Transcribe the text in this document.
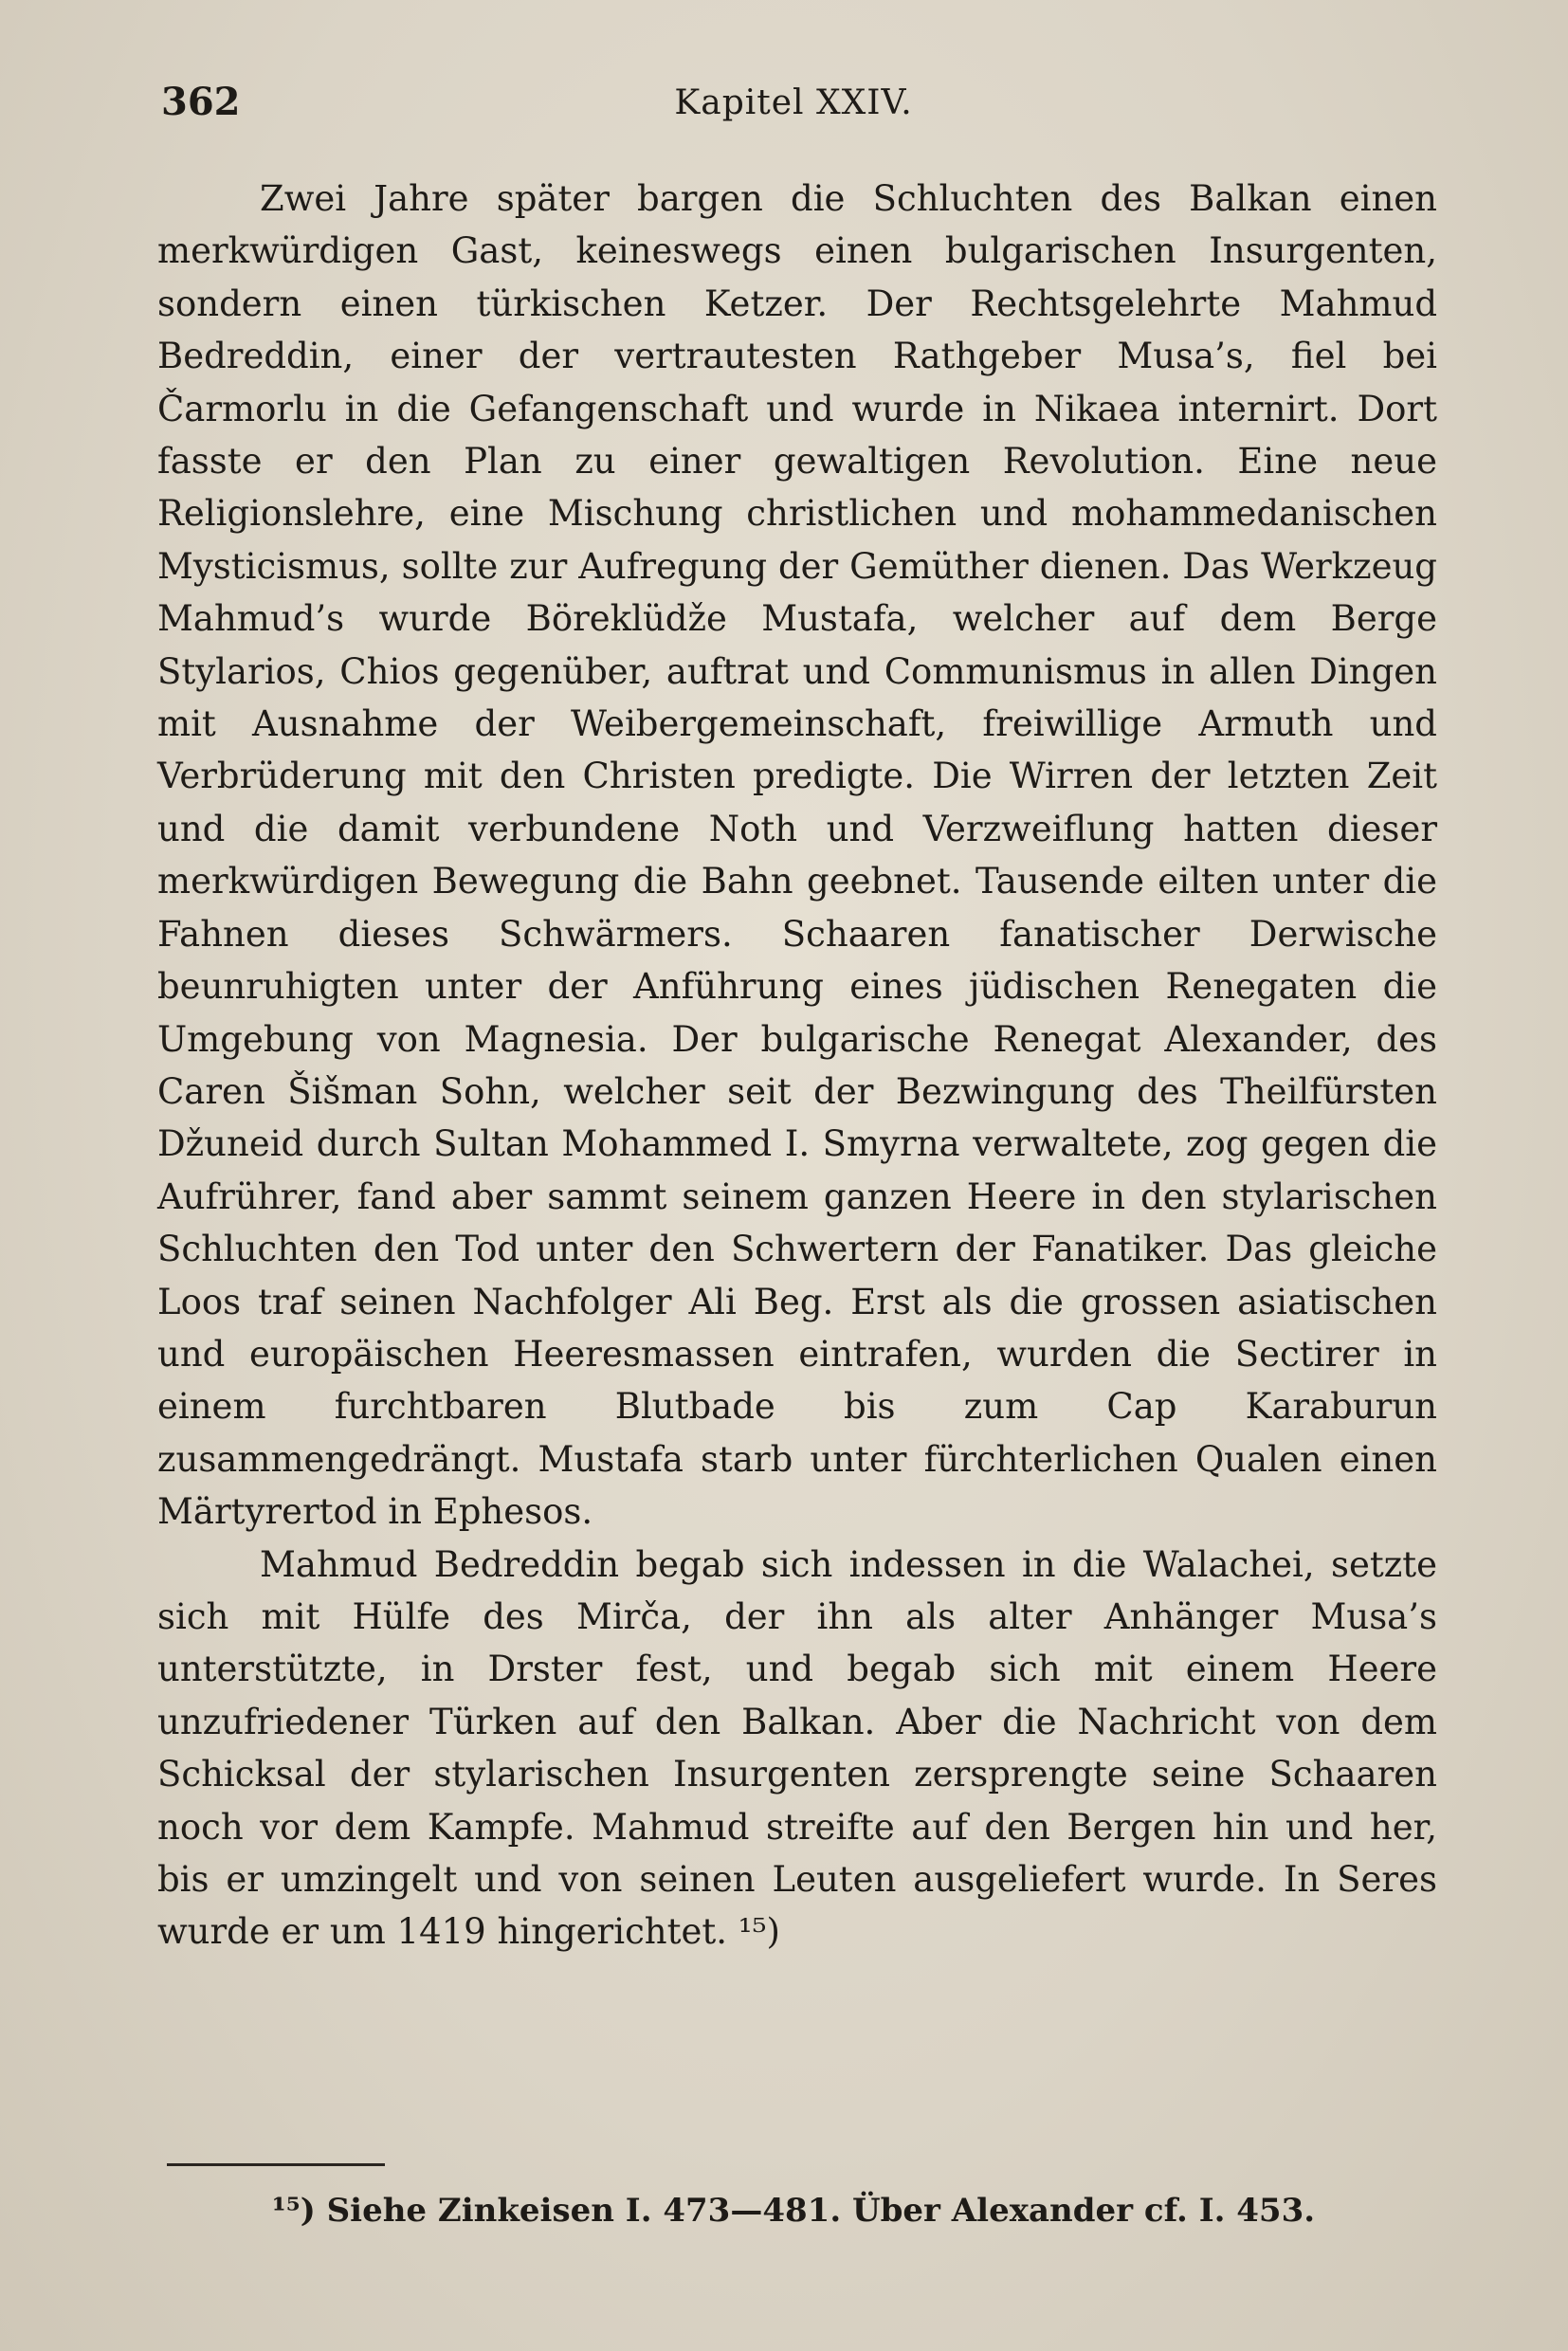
362	Kapitel XXIV.

Zwei Jahre später bargen die Schluchten des Balkan einen merkwürdigen Gast, keineswegs einen bulgarischen Insurgenten, sondern einen türkischen Ketzer. Der Rechtsgelehrte Mahmud Bedreddin, einer der vertrautesten Rathgeber Musa’s, fiel bei Čarmorlu in die Gefangenschaft und wurde in Nikaea internirt. Dort fasste er den Plan zu einer gewaltigen Revolution. Eine neue Religionslehre, eine Mischung christlichen und mohammedanischen Mysticismus, sollte zur Aufregung der Gemüther dienen. Das Werkzeug Mahmud’s wurde Böreklüdže Mustafa, welcher auf dem Berge Stylarios, Chios gegenüber, auftrat und Communismus in allen Dingen mit Ausnahme der Weibergemeinschaft, freiwillige Armuth und Verbrüderung mit den Christen predigte. Die Wirren der letzten Zeit und die damit verbundene Noth und Verzweiflung hatten dieser merkwürdigen Bewegung die Bahn geebnet. Tausende eilten unter die Fahnen dieses Schwärmers. Schaaren fanatischer Derwische beunruhigten unter der Anführung eines jüdischen Renegaten die Umgebung von Magnesia. Der bulgarische Renegat Alexander, des Caren Šišman Sohn, welcher seit der Bezwingung des Theilfürsten Džuneid durch Sultan Mohammed I. Smyrna verwaltete, zog gegen die Aufrührer, fand aber sammt seinem ganzen Heere in den stylarischen Schluchten den Tod unter den Schwertern der Fanatiker. Das gleiche Loos traf seinen Nachfolger Ali Beg. Erst als die grossen asiatischen und europäischen Heeresmassen eintrafen, wurden die Sectirer in einem furchtbaren Blutbade bis zum Cap Karaburun zusammengedrängt. Mustafa starb unter fürchterlichen Qualen einen Märtyrertod in Ephesos.

Mahmud Bedreddin begab sich indessen in die Walachei, setzte sich mit Hülfe des Mirča, der ihn als alter Anhänger Musa’s unterstützte, in Drster fest, und begab sich mit einem Heere unzufriedener Türken auf den Balkan. Aber die Nachricht von dem Schicksal der stylarischen Insurgenten zersprengte seine Schaaren noch vor dem Kampfe. Mahmud streifte auf den Bergen hin und her, bis er umzingelt und von seinen Leuten ausgeliefert wurde. In Seres wurde er um 1419 hingerichtet. ¹⁵)

¹⁵) Siehe Zinkeisen I. 473—481. Über Alexander cf. I. 453.
